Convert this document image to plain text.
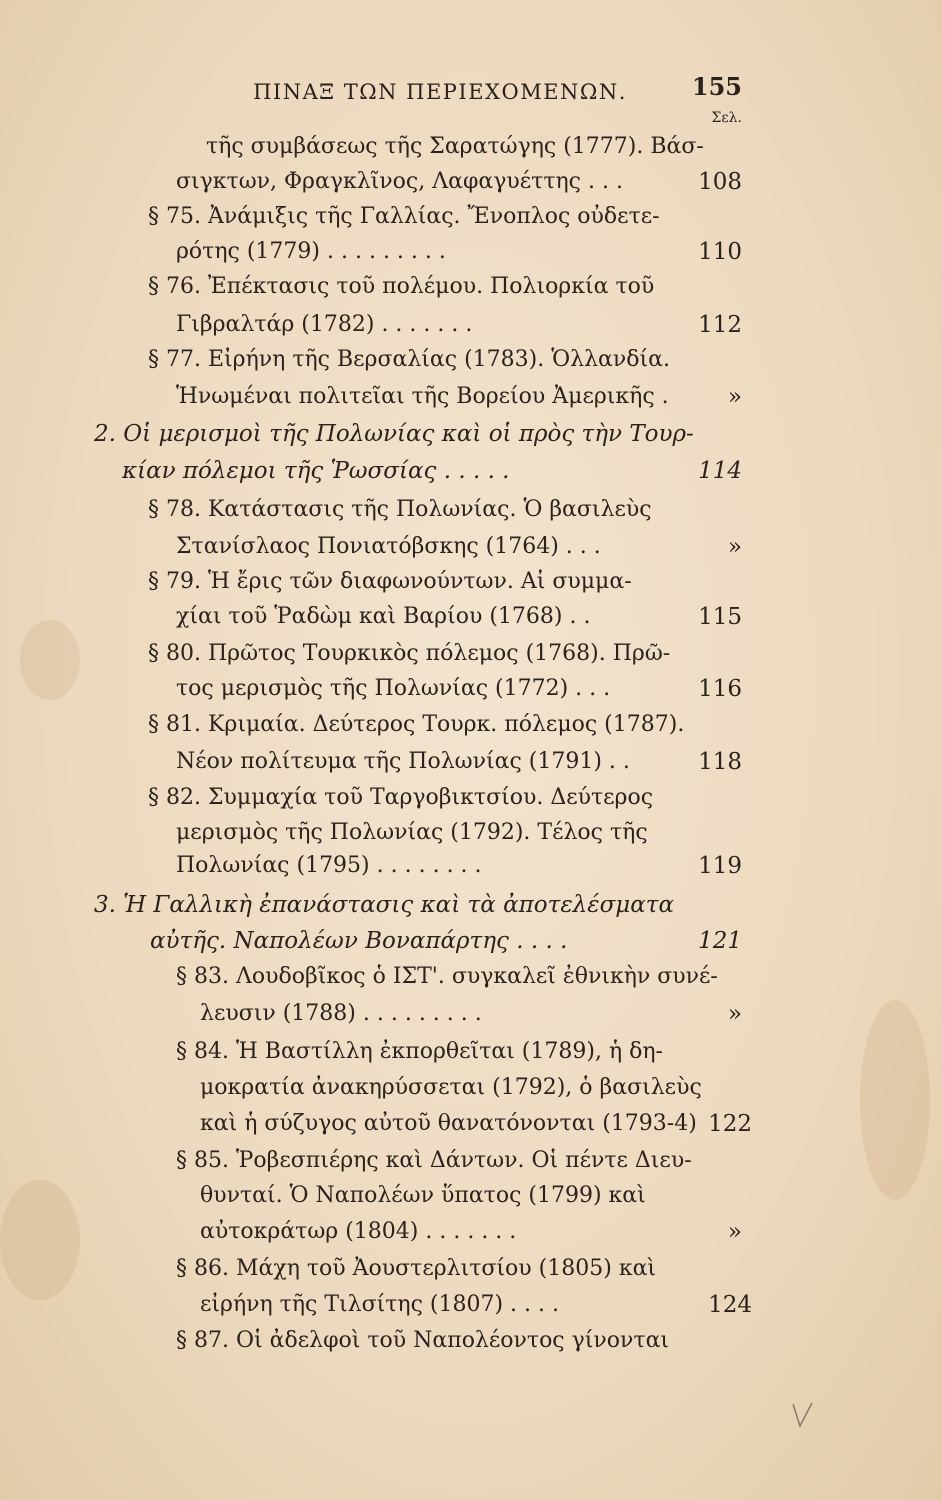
ΠΙΝΑΞ ΤΩΝ ΠΕΡΙΕΧΟΜΕΝΩΝ.	155
Σελ.
τῆς συμβάσεως τῆς Σαρατώγης (1777). Βάσ-
σιγκτων, Φραγκλῖνος, Λαφαγυέττης . . .	108
§ 75. Ἀνάμιξις τῆς Γαλλίας. Ἔνοπλος οὐδετε-
ρότης (1779) . . . . . . . . .	110
§ 76. Ἐπέκτασις τοῦ πολέμου. Πολιορκία τοῦ
Γιβραλτάρ (1782) . . . . . . .	112
§ 77. Εἰρήνη τῆς Βερσαλίας (1783). Ὁλλανδία.
Ἡνωμέναι πολιτεῖαι τῆς Βορείου Ἀμερικῆς .	»
2. Οἱ μερισμοὶ τῆς Πολωνίας καὶ οἱ πρὸς τὴν Τουρ-
κίαν πόλεμοι τῆς Ῥωσσίας . . . . .	114
§ 78. Κατάστασις τῆς Πολωνίας. Ὁ βασιλεὺς
Στανίσλαος Πονιατόβσκης (1764) . . .	»
§ 79. Ἡ ἔρις τῶν διαφωνούντων. Αἱ συμμα-
χίαι τοῦ Ῥαδὼμ καὶ Βαρίου (1768) . .	115
§ 80. Πρῶτος Τουρκικὸς πόλεμος (1768). Πρῶ-
τος μερισμὸς τῆς Πολωνίας (1772) . . .	116
§ 81. Κριμαία. Δεύτερος Τουρκ. πόλεμος (1787).
Νέον πολίτευμα τῆς Πολωνίας (1791) . .	118
§ 82. Συμμαχία τοῦ Ταργοβικτσίου. Δεύτερος
μερισμὸς τῆς Πολωνίας (1792). Τέλος τῆς
Πολωνίας (1795) . . . . . . . .	119
3. Ἡ Γαλλικὴ ἐπανάστασις καὶ τὰ ἀποτελέσματα
αὐτῆς. Ναπολέων Βοναπάρτης . . . .	121
§ 83. Λουδοβῖκος ὁ ΙΣΤ'. συγκαλεῖ ἐθνικὴν συνέ-
λευσιν (1788) . . . . . . . . .	»
§ 84. Ἡ Βαστίλλη ἐκπορθεῖται (1789), ἡ δη-
μοκρατία ἀνακηρύσσεται (1792), ὁ βασιλεὺς
καὶ ἡ σύζυγος αὐτοῦ θανατόνονται (1793-4) 122
§ 85. Ῥοβεσπιέρης καὶ Δάντων. Οἱ πέντε Διευ-
θυνταί. Ὁ Ναπολέων ὕπατος (1799) καὶ
αὐτοκράτωρ (1804) . . . . . . .	»
§ 86. Μάχη τοῦ Ἀουστερλιτσίου (1805) καὶ
εἰρήνη τῆς Τιλσίτης (1807) . . . .	124
§ 87. Οἱ ἀδελφοὶ τοῦ Ναπολέοντος γίνονται
